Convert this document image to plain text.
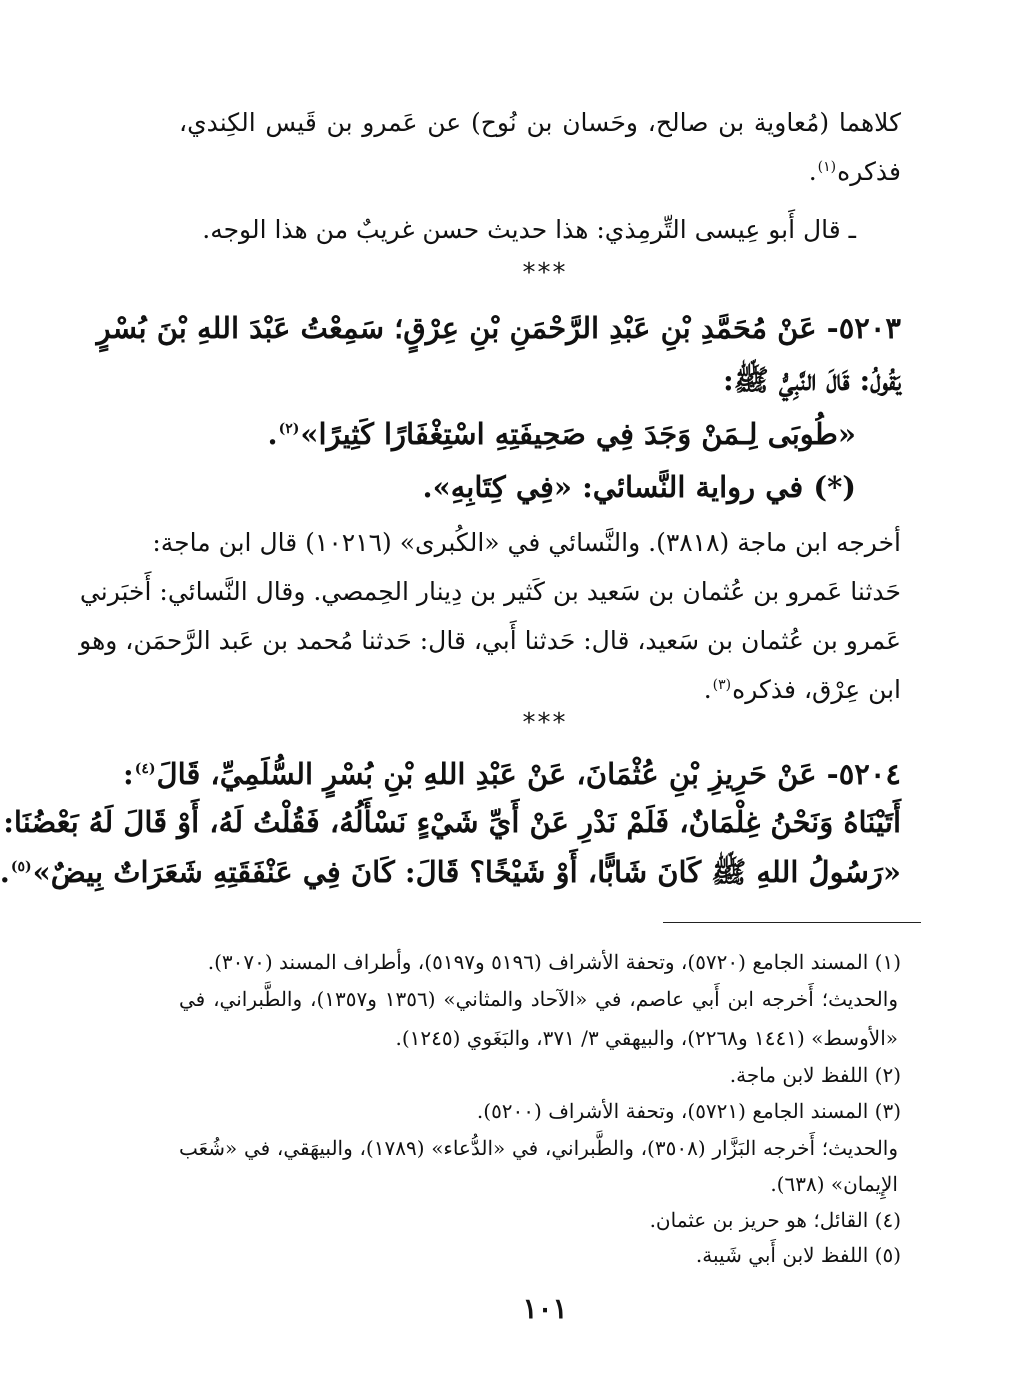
كلاهما (مُعاوية بن صالح، وحَسان بن نُوح) عن عَمرو بن قَيس الكِندي،
فذكره$^{(١)}$.
ـ قال أَبو عِيسى التِّرمِذي: هذا حديث حسن غريبٌ من هذا الوجه.
***
٥٢٠٣- عَنْ مُحَمَّدِ بْنِ عَبْدِ الرَّحْمَنِ بْنِ عِرْقٍ؛ سَمِعْتُ عَبْدَ اللهِ بْنَ بُسْرٍ
يَقُولُ: قَالَ النَّبِيُّ ﷺ:
«طُوبَى لِـمَنْ وَجَدَ فِي صَحِيفَتِهِ اسْتِغْفَارًا كَثِيرًا»$^{(٢)}$.
(*) في رواية النَّسائي: «فِي كِتَابِهِ».
أخرجه ابن ماجة (٣٨١٨). والنَّسائي في «الكُبرى» (١٠٢١٦) قال ابن ماجة:
حَدثنا عَمرو بن عُثمان بن سَعيد بن كَثير بن دِينار الحِمصي. وقال النَّسائي: أَخبَرني
عَمرو بن عُثمان بن سَعيد، قال: حَدثنا أَبي، قال: حَدثنا مُحمد بن عَبد الرَّحمَن، وهو
ابن عِرْق، فذكره$^{(٣)}$.
***
٥٢٠٤- عَنْ حَرِيزِ بْنِ عُثْمَانَ، عَنْ عَبْدِ اللهِ بْنِ بُسْرٍ السُّلَمِيِّ، قَالَ$^{(٤)}$:
أَتَيْنَاهُ وَنَحْنُ غِلْمَانٌ، فَلَمْ نَدْرِ عَنْ أَيِّ شَيْءٍ نَسْأَلُهُ، فَقُلْتُ لَهُ، أَوْ قَالَ لَهُ بَعْضُنَا:
«رَسُولُ اللهِ ﷺ كَانَ شَابًّا، أَوْ شَيْخًا؟ قَالَ: كَانَ فِي عَنْفَقَتِهِ شَعَرَاتٌ بِيضٌ»$^{(٥)}$.
(١) المسند الجامع (٥٧٢٠)، وتحفة الأشراف (٥١٩٦ و٥١٩٧)، وأطراف المسند (٣٠٧٠).
والحديث؛ أَخرجه ابن أَبي عاصم، في «الآحاد والمثاني» (١٣٥٦ و١٣٥٧)، والطَّبراني، في
«الأوسط» (١٤٤١ و٢٢٦٨)، والبيهقي ٣/ ٣٧١، والبَغَوي (١٢٤٥).
(٢) اللفظ لابن ماجة.
(٣) المسند الجامع (٥٧٢١)، وتحفة الأشراف (٥٢٠٠).
والحديث؛ أَخرجه البَزَّار (٣٥٠٨)، والطَّبراني، في «الدُّعاء» (١٧٨٩)، والبيهَقي، في «شُعَب
الإِيمان» (٦٣٨).
(٤) القائل؛ هو حريز بن عثمان.
(٥) اللفظ لابن أَبي شَيبة.
١٠١
